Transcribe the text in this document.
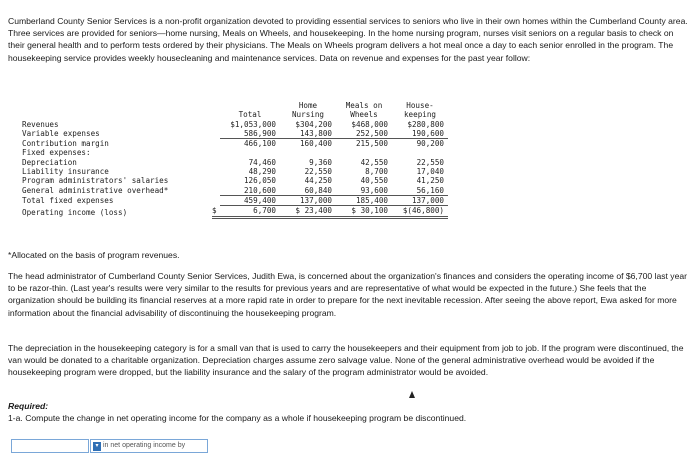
Cumberland County Senior Services is a non-profit organization devoted to providing essential services to seniors who live in their own homes within the Cumberland County area. Three services are provided for seniors—home nursing, Meals on Wheels, and housekeeping. In the home nursing program, nurses visit seniors on a regular basis to check on their general health and to perform tests ordered by their physicians. The Meals on Wheels program delivers a hot meal once a day to each senior enrolled in the program. The housekeeping service provides weekly housecleaning and maintenance services. Data on revenue and expenses for the past year follow:

		Total	Home Nursing	Meals on Wheels	House-keeping
Revenues		$1,053,000	$304,200	$468,000	$280,800
Variable expenses		586,900	143,800	252,500	190,600
Contribution margin		466,100	160,400	215,500	90,200
Fixed expenses:					
Depreciation		74,460	9,360	42,550	22,550
Liability insurance		48,290	22,550	8,700	17,040
Program administrators' salaries		126,050	44,250	40,550	41,250
General administrative overhead*		210,600	60,840	93,600	56,160
Total fixed expenses		459,400	137,000	185,400	137,000
Operating income (loss)	$	6,700	$ 23,400	$ 30,100	$(46,800)

*Allocated on the basis of program revenues.

The head administrator of Cumberland County Senior Services, Judith Ewa, is concerned about the organization's finances and considers the operating income of $6,700 last year to be razor-thin. (Last year's results were very similar to the results for previous years and are representative of what would be expected in the future.) She feels that the organization should be building its financial reserves at a more rapid rate in order to prepare for the next inevitable recession. After seeing the above report, Ewa asked for more information about the financial advisability of discontinuing the housekeeping program.

The depreciation in the housekeeping category is for a small van that is used to carry the housekeepers and their equipment from job to job. If the program were discontinued, the van would be donated to a charitable organization. Depreciation charges assume zero salvage value. None of the general administrative overhead would be avoided if the housekeeping program were dropped, but the liability insurance and the salary of the program administrator would be avoided.

Required:

1-a. Compute the change in net operating income for the company as a whole if housekeeping program be discontinued.

▾ in net operating income by
